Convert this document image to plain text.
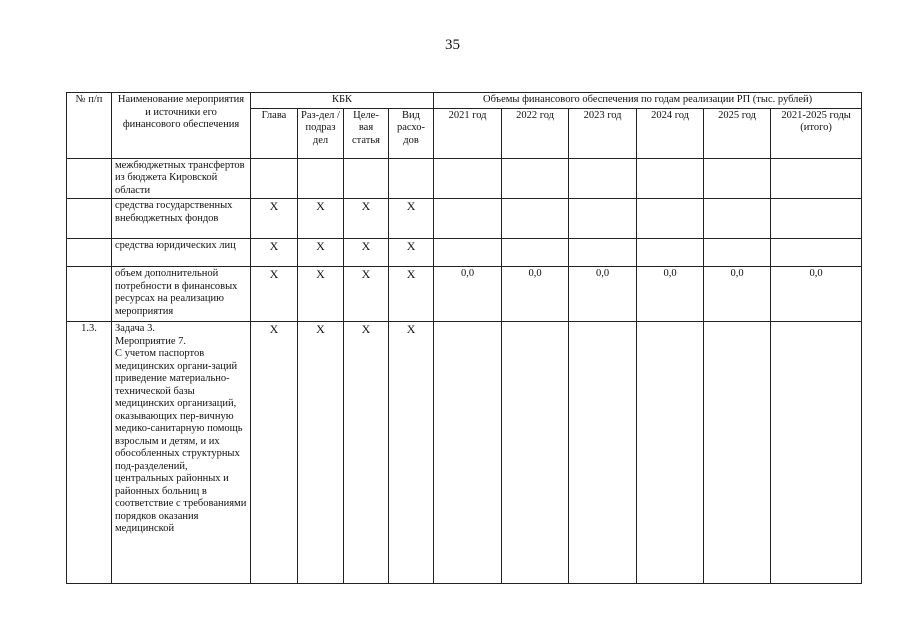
35
№ п/п	Наименование мероприятия и источники его финансового обеспечения	КБК				Объемы финансового обеспечения по годам реализации РП (тыс. рублей)					
		Глава	Раз-дел / подраз дел	Целе-вая статья	Вид расхо-дов	2021 год	2022 год	2023 год	2024 год	2025 год	2021-2025 годы (итого)
	межбюджетных трансфертов из бюджета Кировской области										
	средства государственных внебюджетных фондов	Х	Х	Х	Х						
	средства юридических лиц	Х	Х	Х	Х						
	объем дополнительной потребности в финансовых ресурсах на реализацию мероприятия	Х	Х	Х	Х	0,0	0,0	0,0	0,0	0,0	0,0
1.3.	Задача 3.
Мероприятие 7.
С учетом паспортов медицинских органи-заций приведение материально-технической базы медицинских организаций, оказывающих пер-вичную медико-санитарную помощь взрослым и детям, и их обособленных структурных под-разделений, центральных районных и районных больниц в соответствие с требованиями порядков оказания медицинской	Х	Х	Х	Х						
